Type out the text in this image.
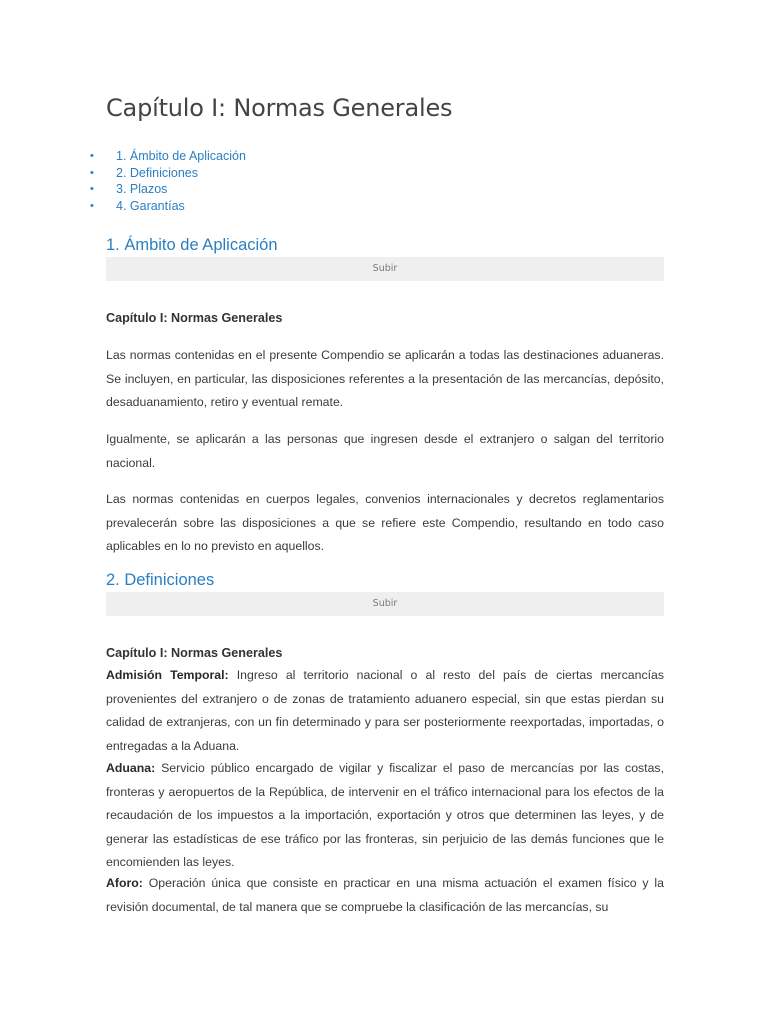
Capítulo I: Normas Generales
• 1. Ámbito de Aplicación
• 2. Definiciones
• 3. Plazos
• 4. Garantías
1. Ámbito de Aplicación
Subir
Capítulo I: Normas Generales

Las normas contenidas en el presente Compendio se aplicarán a todas las destinaciones aduaneras. Se incluyen, en particular, las disposiciones referentes a la presentación de las mercancías, depósito, desaduanamiento, retiro y eventual remate.

Igualmente, se aplicarán a las personas que ingresen desde el extranjero o salgan del territorio nacional.

Las normas contenidas en cuerpos legales, convenios internacionales y decretos reglamentarios prevalecerán sobre las disposiciones a que se refiere este Compendio, resultando en todo caso aplicables en lo no previsto en aquellos.

2. Definiciones
Subir
Capítulo I: Normas Generales

Admisión Temporal: Ingreso al territorio nacional o al resto del país de ciertas mercancías provenientes del extranjero o de zonas de tratamiento aduanero especial, sin que estas pierdan su calidad de extranjeras, con un fin determinado y para ser posteriormente reexportadas, importadas, o entregadas a la Aduana.

Aduana: Servicio público encargado de vigilar y fiscalizar el paso de mercancías por las costas, fronteras y aeropuertos de la República, de intervenir en el tráfico internacional para los efectos de la recaudación de los impuestos a la importación, exportación y otros que determinen las leyes, y de generar las estadísticas de ese tráfico por las fronteras, sin perjuicio de las demás funciones que le encomienden las leyes.

Aforo: Operación única que consiste en practicar en una misma actuación el examen físico y la revisión documental, de tal manera que se compruebe la clasificación de las mercancías, su
